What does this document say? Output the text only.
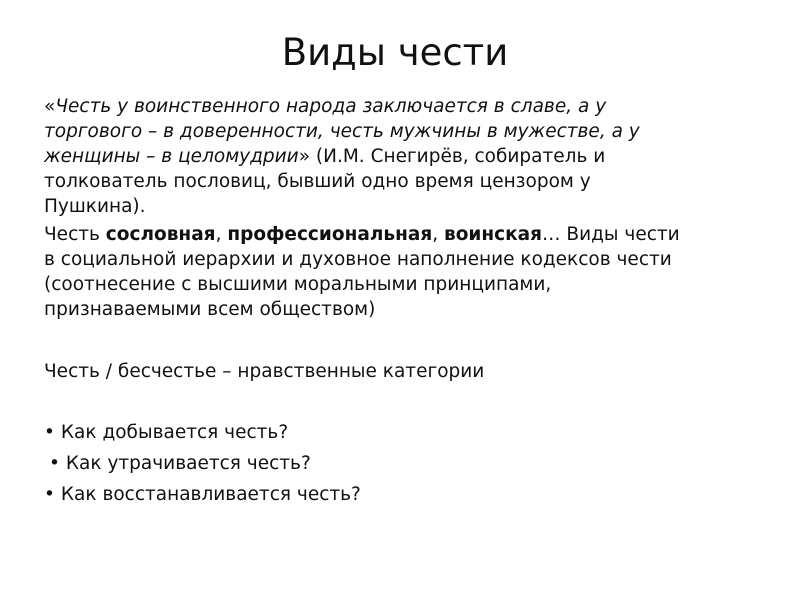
Виды чести

«Честь у воинственного народа заключается в славе, а у торгового – в доверенности, честь мужчины в мужестве, а у женщины – в целомудрии» (И.М. Снегирёв, собиратель и толкователь пословиц, бывший одно время цензором у Пушкина).

Честь сословная, профессиональная, воинская… Виды чести в социальной иерархии и духовное наполнение кодексов чести (соотнесение с высшими моральными принципами, признаваемыми всем обществом)

Честь / бесчестье – нравственные категории

• Как добывается честь?
• Как утрачивается честь?
• Как восстанавливается честь?
